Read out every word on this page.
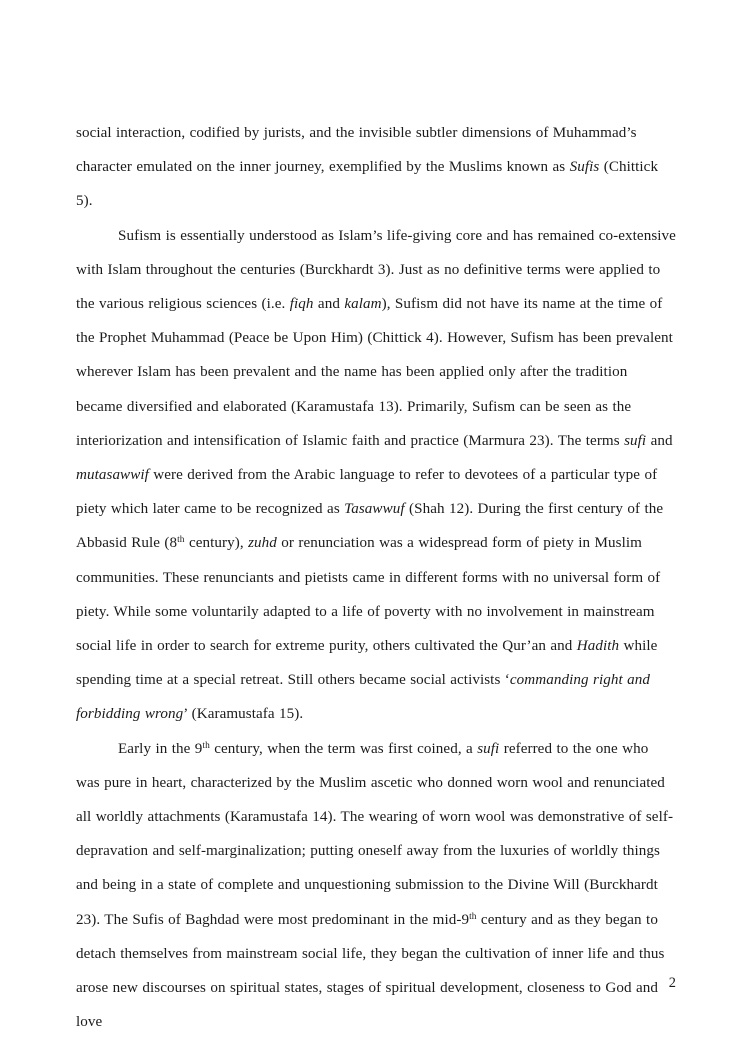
social interaction, codified by jurists, and the invisible subtler dimensions of Muhammad’s character emulated on the inner journey, exemplified by the Muslims known as Sufis (Chittick 5).

Sufism is essentially understood as Islam’s life-giving core and has remained co-extensive with Islam throughout the centuries (Burckhardt 3). Just as no definitive terms were applied to the various religious sciences (i.e. fiqh and kalam), Sufism did not have its name at the time of the Prophet Muhammad (Peace be Upon Him) (Chittick 4). However, Sufism has been prevalent wherever Islam has been prevalent and the name has been applied only after the tradition became diversified and elaborated (Karamustafa 13). Primarily, Sufism can be seen as the interiorization and intensification of Islamic faith and practice (Marmura 23). The terms sufi and mutasawwif were derived from the Arabic language to refer to devotees of a particular type of piety which later came to be recognized as Tasawwuf (Shah 12). During the first century of the Abbasid Rule (8th century), zuhd or renunciation was a widespread form of piety in Muslim communities. These renunciants and pietists came in different forms with no universal form of piety. While some voluntarily adapted to a life of poverty with no involvement in mainstream social life in order to search for extreme purity, others cultivated the Qur’an and Hadith while spending time at a special retreat. Still others became social activists ‘commanding right and forbidding wrong’ (Karamustafa 15).

Early in the 9th century, when the term was first coined, a sufi referred to the one who was pure in heart, characterized by the Muslim ascetic who donned worn wool and renunciated all worldly attachments (Karamustafa 14). The wearing of worn wool was demonstrative of self-depravation and self-marginalization; putting oneself away from the luxuries of worldly things and being in a state of complete and unquestioning submission to the Divine Will (Burckhardt 23). The Sufis of Baghdad were most predominant in the mid-9th century and as they began to detach themselves from mainstream social life, they began the cultivation of inner life and thus arose new discourses on spiritual states, stages of spiritual development, closeness to God and love

2
